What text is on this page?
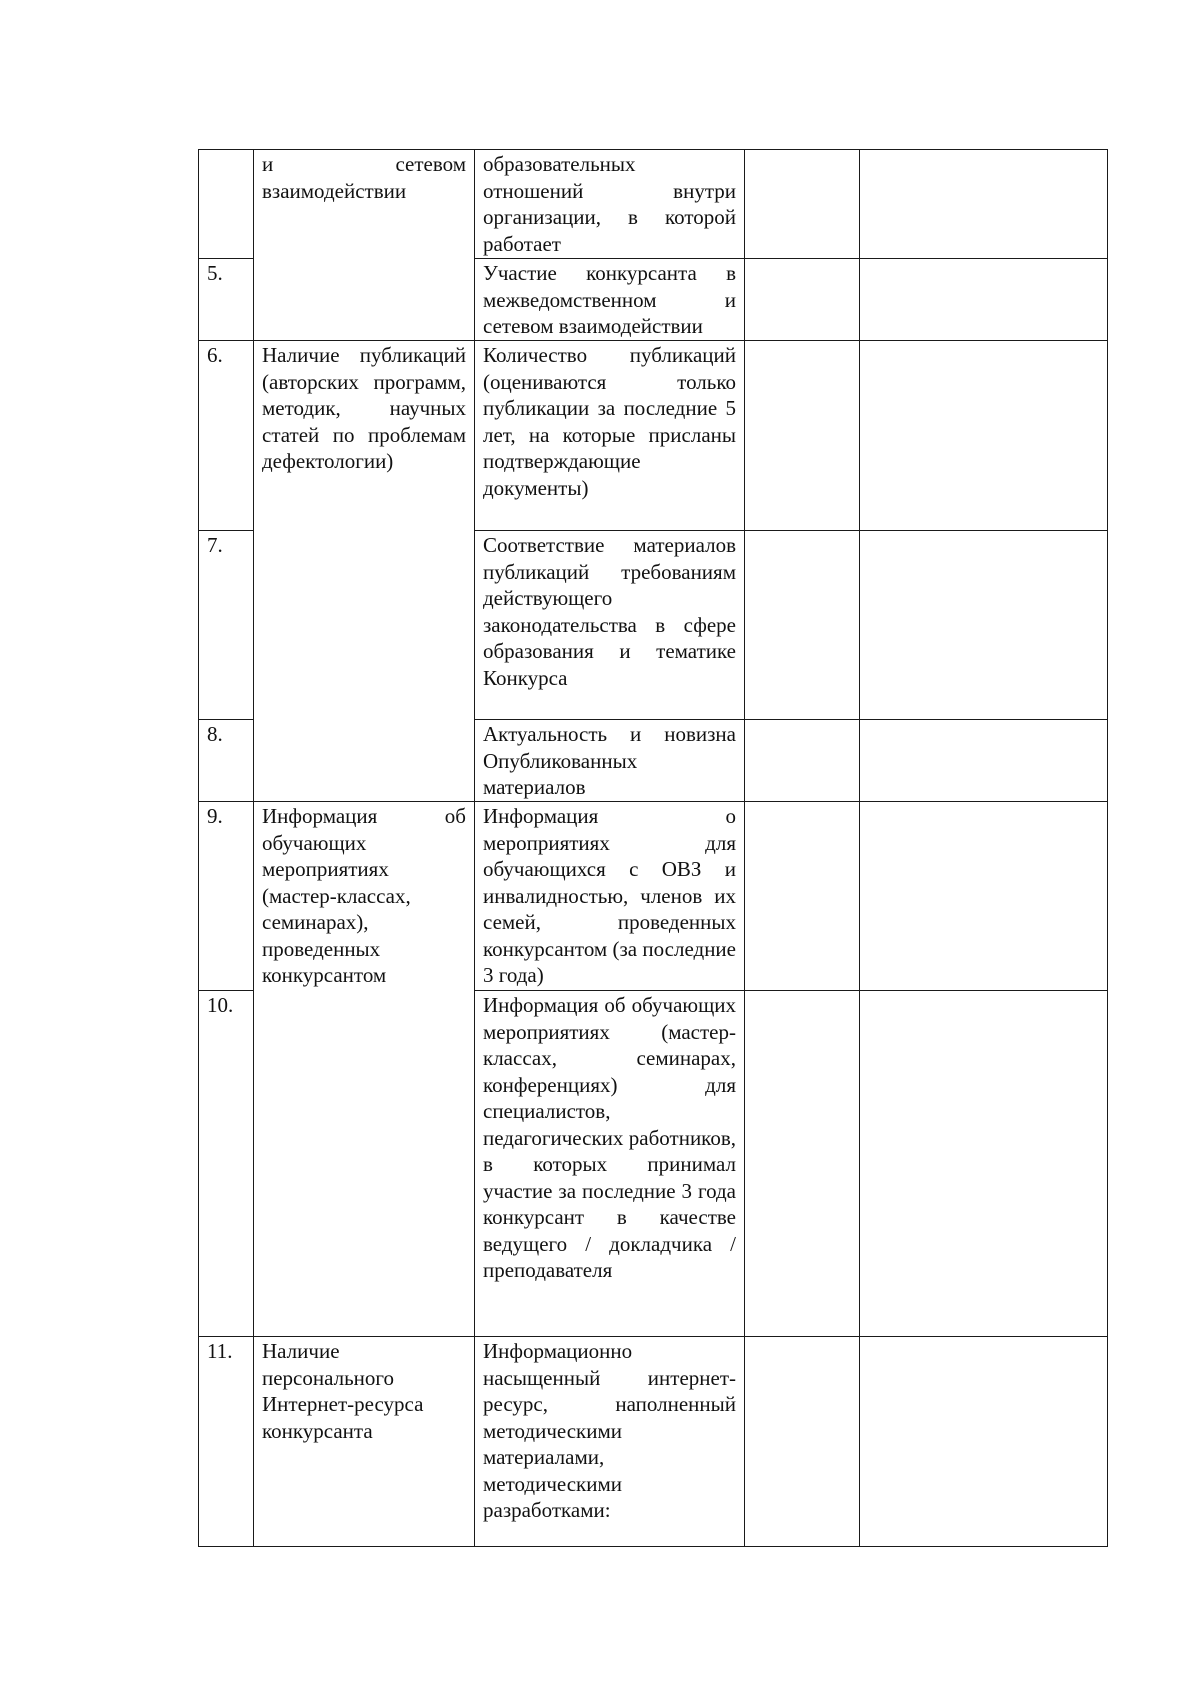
	и сетевом взаимодействии	образовательных отношений внутри организации, в которой работает		
5.		Участие конкурсанта в межведомственном и сетевом взаимодействии		
6.	Наличие публикаций (авторских программ, методик, научных статей по проблемам дефектологии)	Количество публикаций (оцениваются только публикации за последние 5 лет, на которые присланы подтверждающие документы)		
7.		Соответствие материалов публикаций требованиям действующего законодательства в сфере образования и тематике Конкурса		
8.		Актуальность и новизна Опубликованных материалов		
9.	Информация об обучающих мероприятиях (мастер-классах, семинарах), проведенных конкурсантом	Информация о мероприятиях для обучающихся с ОВЗ и инвалидностью, членов их семей, проведенных конкурсантом (за последние 3 года)		
10.		Информация об обучающих мероприятиях (мастер-классах, семинарах, конференциях) для специалистов, педагогических работников, в которых принимал участие за последние 3 года конкурсант в качестве ведущего / докладчика / преподавателя		
11.	Наличие персонального Интернет-ресурса конкурсанта	Информационно насыщенный интернет-ресурс, наполненный методическими материалами, методическими разработками:		
